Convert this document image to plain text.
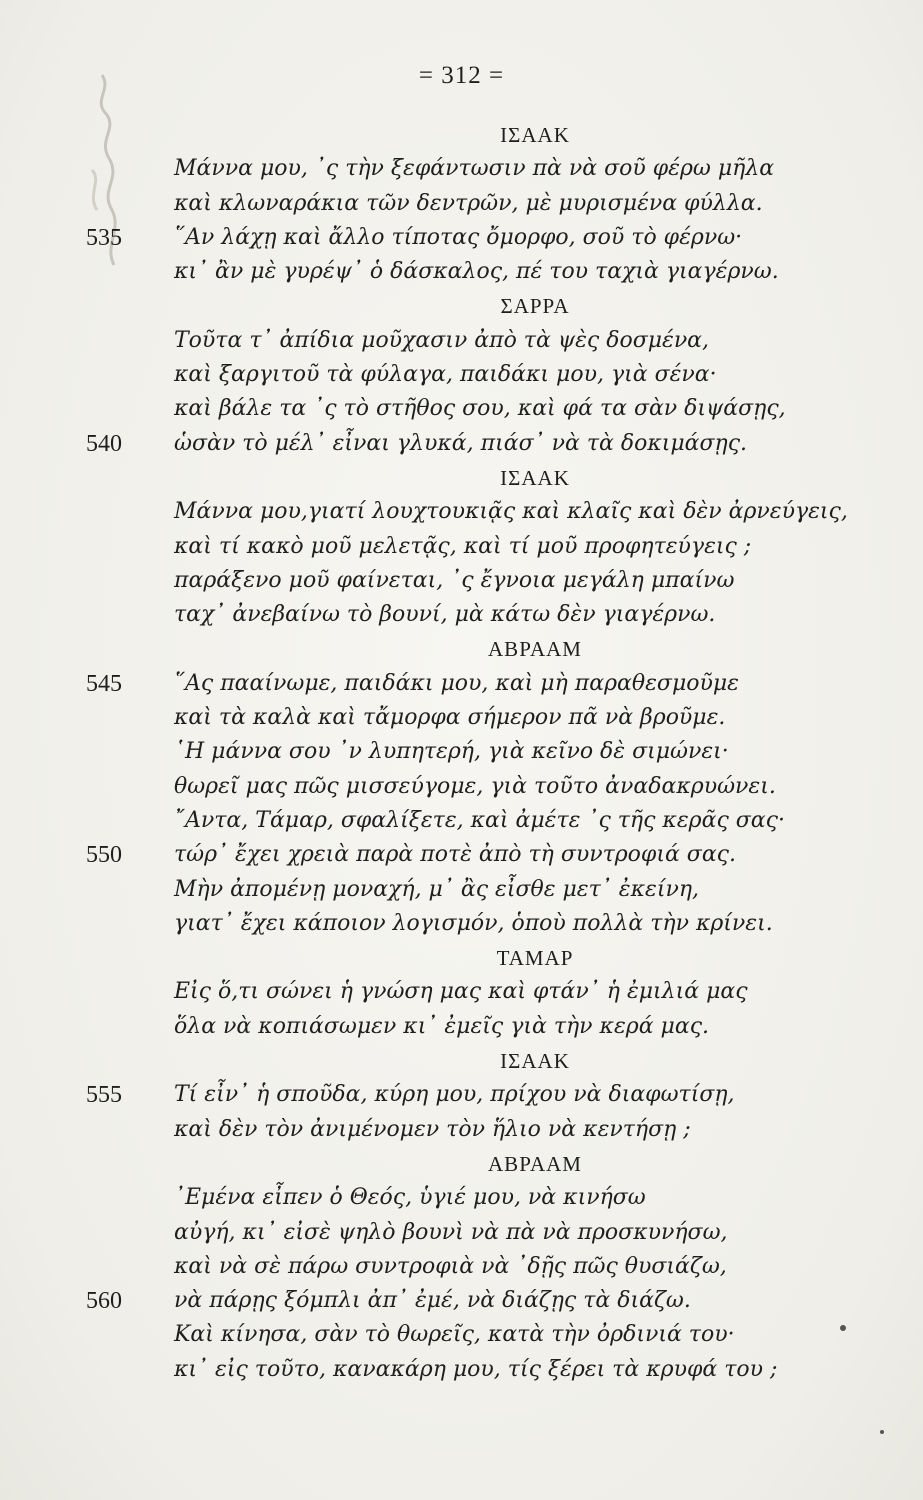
= 312 =
ΙΣΑΑΚ
Μάννα μου, ᾿ς τὴν ξεφάντωσιν πὰ νὰ σοῦ φέρω μῆλα
καὶ κλωναράκια τῶν δεντρῶν, μὲ μυρισμένα φύλλα.
535	῞Αν λάχῃ καὶ ἄλλο τίποτας ὄμορφο, σοῦ τὸ φέρνω·
κι᾿ ἂν μὲ γυρέψ᾿ ὁ δάσκαλος, πέ του ταχιὰ γιαγέρνω.
ΣΑΡΡΑ
Τοῦτα τ᾿ ἀπίδια μοῦχασιν ἀπὸ τὰ ψὲς δοσμένα,
καὶ ξαργιτοῦ τὰ φύλαγα, παιδάκι μου, γιὰ σένα·
καὶ βάλε τα ᾿ς τὸ στῆθος σου, καὶ φά τα σὰν διψάσῃς,
540	ὡσὰν τὸ μέλ᾿ εἶναι γλυκά, πιάσ᾿ νὰ τὰ δοκιμάσῃς.
ΙΣΑΑΚ
Μάννα μου,γιατί λουχτουκιᾷς καὶ κλαῖς καὶ δὲν ἀρνεύγεις,
καὶ τί κακὸ μοῦ μελετᾷς, καὶ τί μοῦ προφητεύγεις ;
παράξενο μοῦ φαίνεται, ᾿ς ἔγνοια μεγάλη μπαίνω
ταχ᾿ ἀνεβαίνω τὸ βουνί, μὰ κάτω δὲν γιαγέρνω.
ΑΒΡΑΑΜ
545	῞Ας πααίνωμε, παιδάκι μου, καὶ μὴ παραθεσμοῦμε
καὶ τὰ καλὰ καὶ τἄμορφα σήμερον πᾶ νὰ βροῦμε.
῾Η μάννα σου ᾿ν λυπητερή, γιὰ κεῖνο δὲ σιμώνει·
θωρεῖ μας πῶς μισσεύγομε, γιὰ τοῦτο ἀναδακρυώνει.
῎Αντα, Τάμαρ, σφαλίξετε, καὶ ἀμέτε ᾿ς τῆς κερᾶς σας·
550	τώρ᾿ ἔχει χρειὰ παρὰ ποτὲ ἀπὸ τὴ συντροφιά σας.
Μὴν ἀπομένῃ μοναχή, μ᾿ ἂς εἶσθε μετ᾿ ἐκείνη,
γιατ᾿ ἔχει κάποιον λογισμόν, ὁποὺ πολλὰ τὴν κρίνει.
ΤΑΜΑΡ
Εἰς ὅ,τι σώνει ἡ γνώση μας καὶ φτάν᾿ ἡ ἐμιλιά μας
ὅλα νὰ κοπιάσωμεν κι᾿ ἐμεῖς γιὰ τὴν κερά μας.
ΙΣΑΑΚ
555	Τί εἶν᾿ ἡ σποῦδα, κύρη μου, πρίχου νὰ διαφωτίσῃ,
καὶ δὲν τὸν ἀνιμένομεν τὸν ἥλιο νὰ κεντήσῃ ;
ΑΒΡΑΑΜ
᾿Εμένα εἶπεν ὁ Θεός, ὑγιέ μου, νὰ κινήσω
αὐγή, κι᾿ εἰσὲ ψηλὸ βουνὶ νὰ πὰ νὰ προσκυνήσω,
καὶ νὰ σὲ πάρω συντροφιὰ νὰ ᾿δῇς πῶς θυσιάζω,
560	νὰ πάρῃς ξόμπλι ἀπ᾿ ἐμέ, νὰ διάζῃς τὰ διάζω.
Καὶ κίνησα, σὰν τὸ θωρεῖς, κατὰ τὴν ὀρδινιά του·
κι᾿ εἰς τοῦτο, κανακάρη μου, τίς ξέρει τὰ κρυφά του ;
